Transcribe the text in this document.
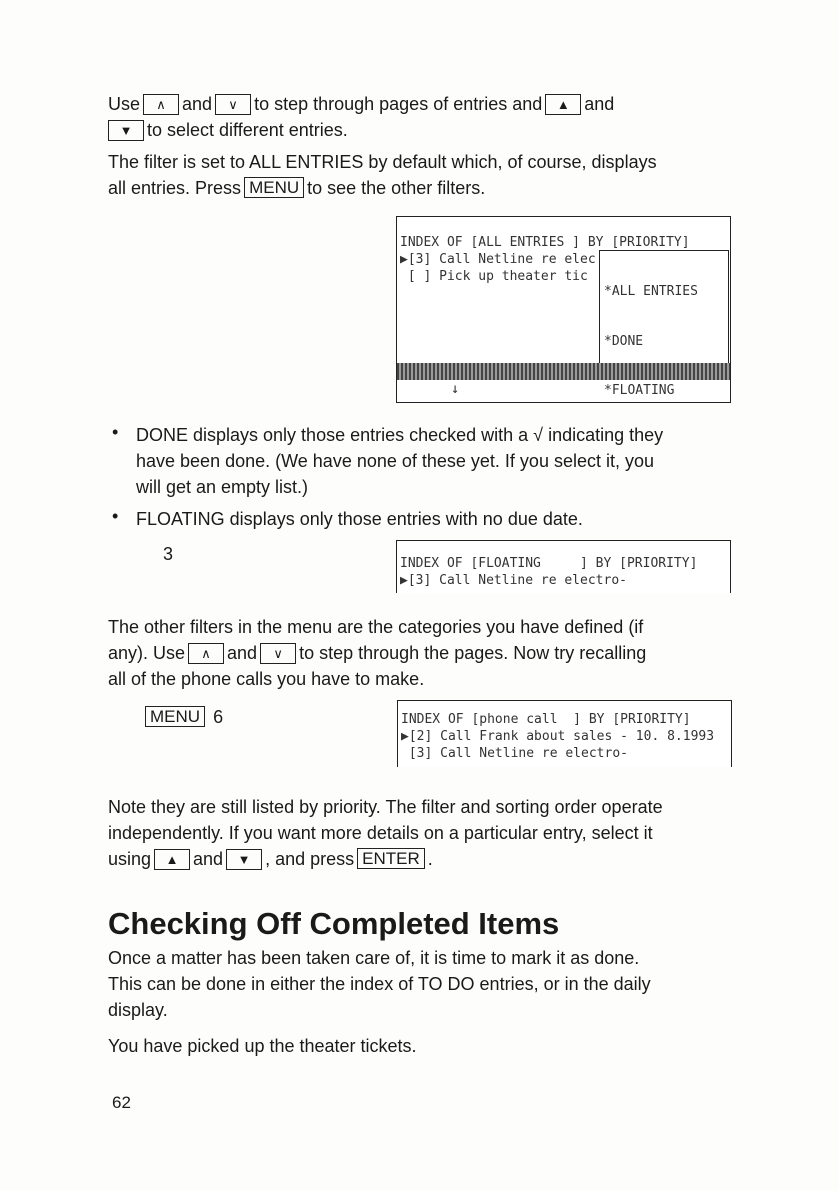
Use ∧ and ∨ to step through pages of entries and ▲ and
▼ to select different entries.
The filter is set to ALL ENTRIES by default which, of course, displays
all entries. Press MENU to see the other filters.

INDEX OF [ALL ENTRIES ] BY [PRIORITY]

▶[3] Call Netline re elec

[ ] Pick up theater tic

*ALL ENTRIES

*DONE

*FLOATING

↓

• DONE displays only those entries checked with a √ indicating they
have been done. (We have none of these yet. If you select it, you
will get an empty list.)
• FLOATING displays only those entries with no due date.
3

	INDEX OF [FLOATING     ] BY [PRIORITY]

▶[3] Call Netline re electro-

The other filters in the menu are the categories you have defined (if
any). Use ∧ and ∨ to step through the pages. Now try recalling
all of the phone calls you have to make.
MENU 6

	INDEX OF [phone call  ] BY [PRIORITY]

▶[2] Call Frank about sales - 10. 8.1993

[3] Call Netline re electro-

Note they are still listed by priority. The filter and sorting order operate
independently. If you want more details on a particular entry, select it
using ▲ and ▼ , and press ENTER .
Checking Off Completed Items
Once a matter has been taken care of, it is time to mark it as done.
This can be done in either the index of TO DO entries, or in the daily
display.
You have picked up the theater tickets.
62
